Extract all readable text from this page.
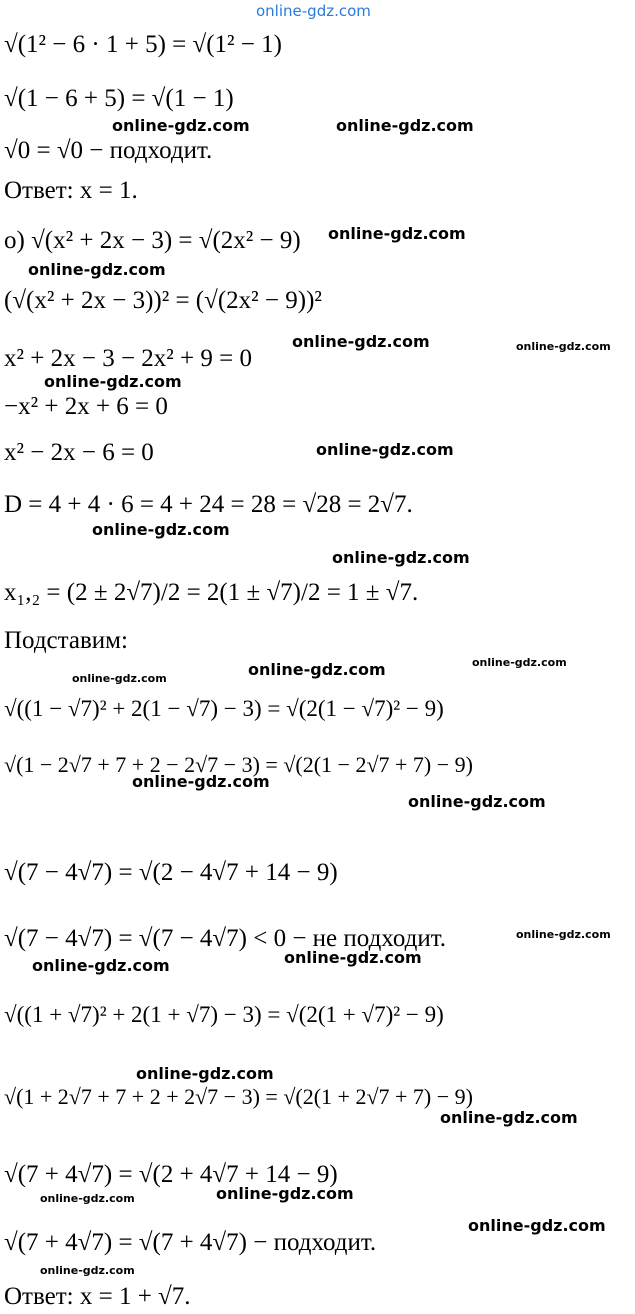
online-gdz.com
√(1² − 6 · 1 + 5) = √(1² − 1)
√(1 − 6 + 5) = √(1 − 1)
√0 = √0 − подходит.
Ответ: x = 1.
о) √(x² + 2x − 3) = √(2x² − 9)
(√(x² + 2x − 3))² = (√(2x² − 9))²
x² + 2x − 3 − 2x² + 9 = 0
−x² + 2x + 6 = 0
x² − 2x − 6 = 0
D = 4 + 4 · 6 = 4 + 24 = 28 = √28 = 2√7.
x₁,₂ = (2 ± 2√7)/2 = 2(1 ± √7)/2 = 1 ± √7.
Подставим:
√((1 − √7)² + 2(1 − √7) − 3) = √(2(1 − √7)² − 9)
√(1 − 2√7 + 7 + 2 − 2√7 − 3) = √(2(1 − 2√7 + 7) − 9)
√(7 − 4√7) = √(2 − 4√7 + 14 − 9)
√(7 − 4√7) = √(7 − 4√7) < 0 − не подходит.
√((1 + √7)² + 2(1 + √7) − 3) = √(2(1 + √7)² − 9)
√(1 + 2√7 + 7 + 2 + 2√7 − 3) = √(2(1 + 2√7 + 7) − 9)
√(7 + 4√7) = √(2 + 4√7 + 14 − 9)
√(7 + 4√7) = √(7 + 4√7) − подходит.
Ответ: x = 1 + √7.
online-gdz.com	online-gdz.com
online-gdz.com
online-gdz.com
online-gdz.com	online-gdz.com
online-gdz.com
online-gdz.com
online-gdz.com
online-gdz.com
online-gdz.com
online-gdz.com
online-gdz.com
online-gdz.com
online-gdz.com
online-gdz.com
online-gdz.com
online-gdz.com
online-gdz.com
online-gdz.com
online-gdz.com
online-gdz.com
online-gdz.com
online-gdz.com
